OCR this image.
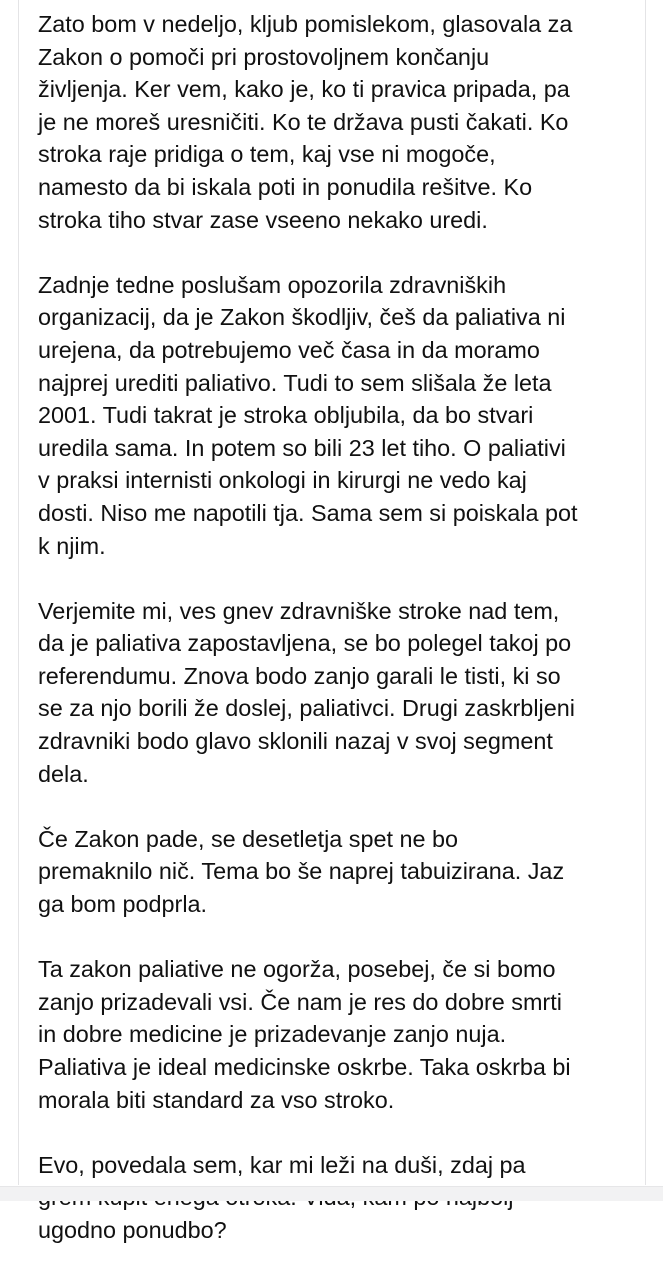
Zato bom v nedeljo, kljub pomislekom, glasovala za
Zakon o pomoči pri prostovoljnem končanju
življenja. Ker vem, kako je, ko ti pravica pripada, pa
je ne moreš uresničiti. Ko te država pusti čakati. Ko
stroka raje pridiga o tem, kaj vse ni mogoče,
namesto da bi iskala poti in ponudila rešitve. Ko
stroka tiho stvar zase vseeno nekako uredi.

Zadnje tedne poslušam opozorila zdravniških
organizacij, da je Zakon škodljiv, češ da paliativa ni
urejena, da potrebujemo več časa in da moramo
najprej urediti paliativo. Tudi to sem slišala že leta
2001. Tudi takrat je stroka obljubila, da bo stvari
uredila sama. In potem so bili 23 let tiho. O paliativi
v praksi internisti onkologi in kirurgi ne vedo kaj
dosti. Niso me napotili tja. Sama sem si poiskala pot
k njim.

Verjemite mi, ves gnev zdravniške stroke nad tem,
da je paliativa zapostavljena, se bo polegel takoj po
referendumu. Znova bodo zanjo garali le tisti, ki so
se za njo borili že doslej, paliativci. Drugi zaskrbljeni
zdravniki bodo glavo sklonili nazaj v svoj segment
dela.

Če Zakon pade, se desetletja spet ne bo
premaknilo nič. Tema bo še naprej tabuizirana. Jaz
ga bom podprla.

Ta zakon paliative ne ogorža, posebej, če si bomo
zanjo prizadevali vsi. Če nam je res do dobre smrti
in dobre medicine je prizadevanje zanjo nuja.
Paliativa je ideal medicinske oskrbe. Taka oskrba bi
morala biti standard za vso stroko.

Evo, povedala sem, kar mi leži na duši, zdaj pa

ugodno ponudbo?
